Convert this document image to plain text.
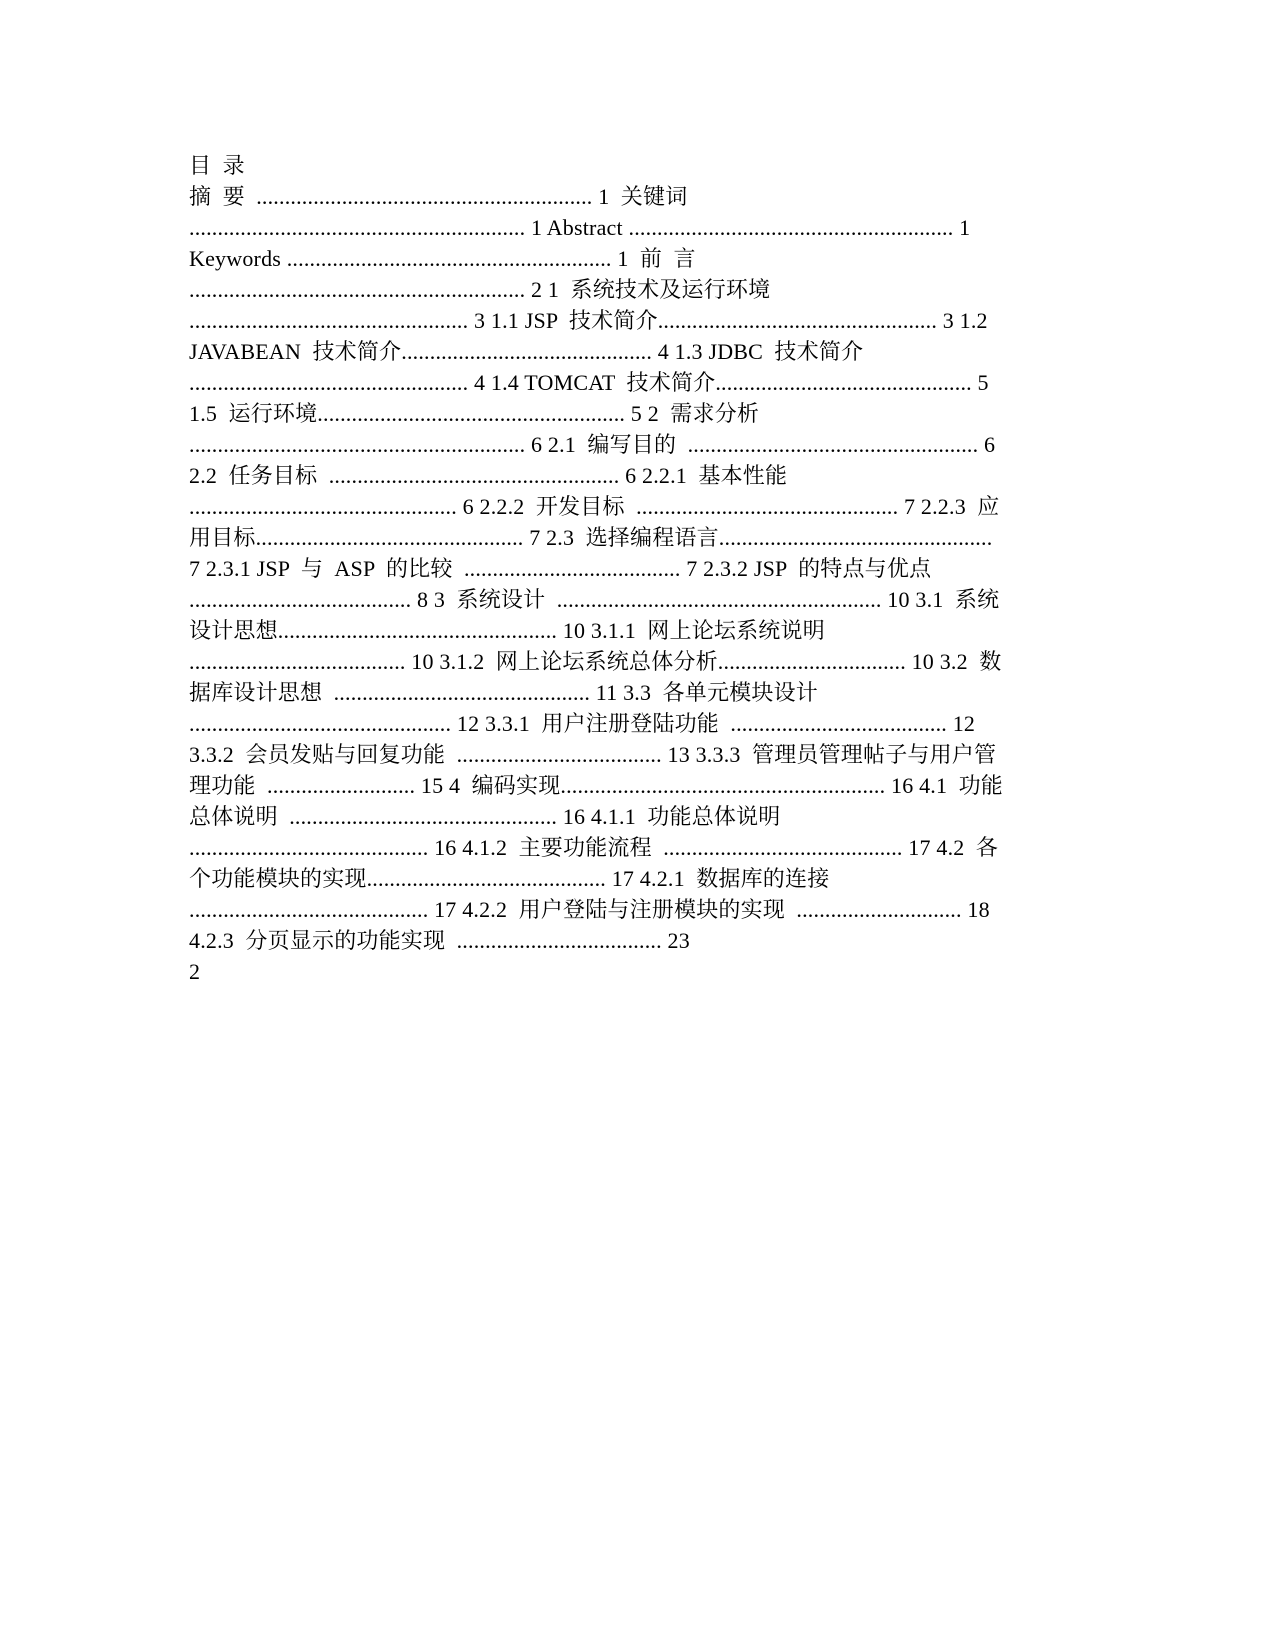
目  录
摘  要  ........................................................... 1  关键词
........................................................... 1 Abstract ......................................................... 1
Keywords ......................................................... 1  前  言
........................................................... 2 1  系统技术及运行环境
................................................. 3 1.1 JSP  技术简介................................................. 3 1.2
JAVABEAN  技术简介............................................ 4 1.3 JDBC  技术简介
................................................. 4 1.4 TOMCAT  技术简介............................................. 5
1.5  运行环境...................................................... 5 2  需求分析
........................................................... 6 2.1  编写目的  ................................................... 6
2.2  任务目标  ................................................... 6 2.2.1  基本性能
............................................... 6 2.2.2  开发目标  .............................................. 7 2.2.3  应
用目标............................................... 7 2.3  选择编程语言................................................
7 2.3.1 JSP  与  ASP  的比较  ...................................... 7 2.3.2 JSP  的特点与优点
....................................... 8 3  系统设计  ......................................................... 10 3.1  系统
设计思想................................................. 10 3.1.1  网上论坛系统说明
...................................... 10 3.1.2  网上论坛系统总体分析................................. 10 3.2  数
据库设计思想  ............................................. 11 3.3  各单元模块设计
.............................................. 12 3.3.1  用户注册登陆功能  ...................................... 12
3.3.2  会员发贴与回复功能  .................................... 13 3.3.3  管理员管理帖子与用户管
理功能  .......................... 15 4  编码实现......................................................... 16 4.1  功能
总体说明  ............................................... 16 4.1.1  功能总体说明
.......................................... 16 4.1.2  主要功能流程  .......................................... 17 4.2  各
个功能模块的实现.......................................... 17 4.2.1  数据库的连接
.......................................... 17 4.2.2  用户登陆与注册模块的实现  ............................. 18
4.2.3  分页显示的功能实现  .................................... 23
2
